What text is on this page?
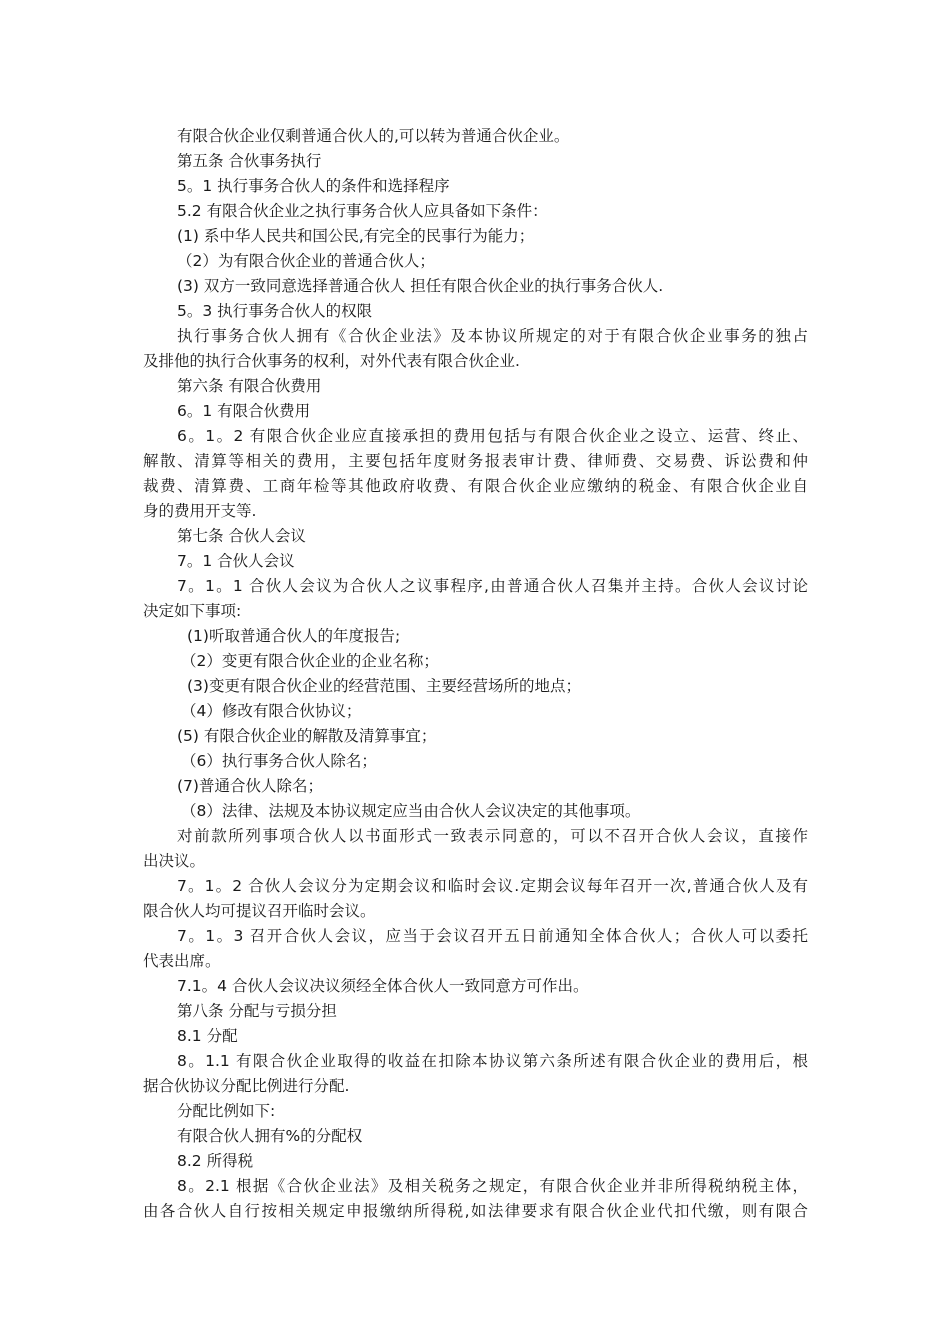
有限合伙企业仅剩普通合伙人的,可以转为普通合伙企业。
第五条 合伙事务执行
5。1 执行事务合伙人的条件和选择程序
5.2 有限合伙企业之执行事务合伙人应具备如下条件：
(1) 系中华人民共和国公民,有完全的民事行为能力；
（2）为有限合伙企业的普通合伙人；
(3) 双方一致同意选择普通合伙人 担任有限合伙企业的执行事务合伙人.
5。3 执行事务合伙人的权限
执行事务合伙人拥有《合伙企业法》及本协议所规定的对于有限合伙企业事务的独占
及排他的执行合伙事务的权利，对外代表有限合伙企业.
第六条 有限合伙费用
6。1 有限合伙费用
6。1。2 有限合伙企业应直接承担的费用包括与有限合伙企业之设立、运营、终止、
解散、清算等相关的费用，主要包括年度财务报表审计费、律师费、交易费、诉讼费和仲
裁费、清算费、工商年检等其他政府收费、有限合伙企业应缴纳的税金、有限合伙企业自
身的费用开支等.
第七条 合伙人会议
7。1 合伙人会议
7。1。1 合伙人会议为合伙人之议事程序,由普通合伙人召集并主持。合伙人会议讨论
决定如下事项:
(1)听取普通合伙人的年度报告;
（2）变更有限合伙企业的企业名称；
(3)变更有限合伙企业的经营范围、主要经营场所的地点；
（4）修改有限合伙协议；
(5) 有限合伙企业的解散及清算事宜；
（6）执行事务合伙人除名；
(7)普通合伙人除名；
（8）法律、法规及本协议规定应当由合伙人会议决定的其他事项。
对前款所列事项合伙人以书面形式一致表示同意的，可以不召开合伙人会议，直接作
出决议。
7。1。2 合伙人会议分为定期会议和临时会议.定期会议每年召开一次,普通合伙人及有
限合伙人均可提议召开临时会议。
7。1。3 召开合伙人会议，应当于会议召开五日前通知全体合伙人；合伙人可以委托
代表出席。
7.1。4 合伙人会议决议须经全体合伙人一致同意方可作出。
第八条 分配与亏损分担
8.1 分配
8。1.1 有限合伙企业取得的收益在扣除本协议第六条所述有限合伙企业的费用后，根
据合伙协议分配比例进行分配.
分配比例如下:
有限合伙人拥有%的分配权
8.2 所得税
8。2.1 根据《合伙企业法》及相关税务之规定，有限合伙企业并非所得税纳税主体，
由各合伙人自行按相关规定申报缴纳所得税,如法律要求有限合伙企业代扣代缴，则有限合
